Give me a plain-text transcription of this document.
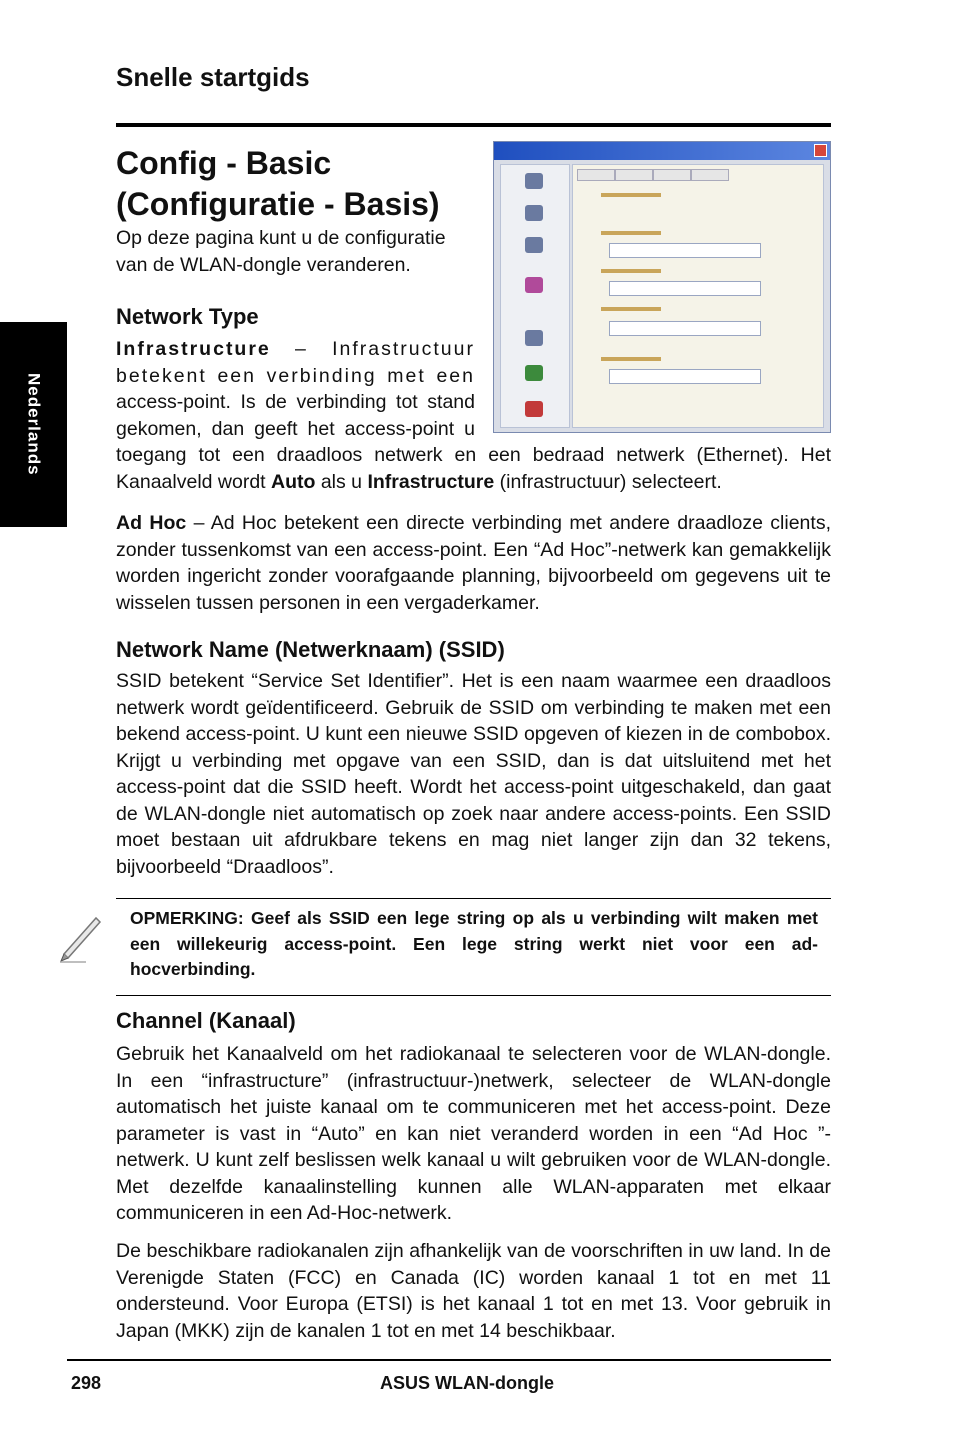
Snelle startgids
Nederlands
Config - Basic
(Configuratie - Basis)

Op deze pagina kunt u de configuratie van de WLAN-dongle veranderen.

Network Type

Infrastructure – Infrastructuur betekent een verbinding met een access-point. Is de verbinding tot stand gekomen, dan geeft het access-point u toegang tot een draadloos netwerk en een bedraad netwerk (Ethernet). Het Kanaalveld wordt Auto als u Infrastructure (infrastructuur) selecteert.

Ad Hoc – Ad Hoc betekent een directe verbinding met andere draadloze clients, zonder tussenkomst van een access-point. Een “Ad Hoc”-netwerk kan gemakkelijk worden ingericht zonder voorafgaande planning, bijvoorbeeld om gegevens uit te wisselen tussen personen in een vergaderkamer.

Network Name (Netwerknaam) (SSID)

SSID betekent “Service Set Identifier”. Het is een naam waarmee een draadloos netwerk wordt geïdentificeerd. Gebruik de SSID om verbinding te maken met een bekend access-point. U kunt een nieuwe SSID opgeven of kiezen in de combobox. Krijgt u verbinding met opgave van een SSID, dan is dat uitsluitend met het access-point dat die SSID heeft. Wordt het access-point uitgeschakeld, dan gaat de WLAN-dongle niet automatisch op zoek naar andere access-points. Een SSID moet bestaan uit afdrukbare tekens en mag niet langer zijn dan 32 tekens, bijvoorbeeld “Draadloos”.

OPMERKING: Geef als SSID een lege string op als u verbinding wilt maken met een willekeurig access-point. Een lege string werkt niet voor een ad-hocverbinding.

Channel (Kanaal)

Gebruik het Kanaalveld om het radiokanaal te selecteren voor de WLAN-dongle. In een “infrastructure” (infrastructuur-)netwerk, selecteer de WLAN-dongle automatisch het juiste kanaal om te communiceren met het access-point. Deze parameter is vast in “Auto” en kan niet veranderd worden in een “Ad Hoc ”-netwerk. U kunt zelf beslissen welk kanaal u wilt gebruiken voor de WLAN-dongle. Met dezelfde kanaalinstelling kunnen alle WLAN-apparaten met elkaar communiceren in een Ad-Hoc-netwerk.

De beschikbare radiokanalen zijn afhankelijk van de voorschriften in uw land. In de Verenigde Staten (FCC) en Canada (IC) worden kanaal 1 tot en met 11 ondersteund. Voor Europa (ETSI) is het kanaal 1 tot en met 13. Voor gebruik in Japan (MKK) zijn de kanalen 1 tot en met 14 beschikbaar.

298	ASUS WLAN-dongle
